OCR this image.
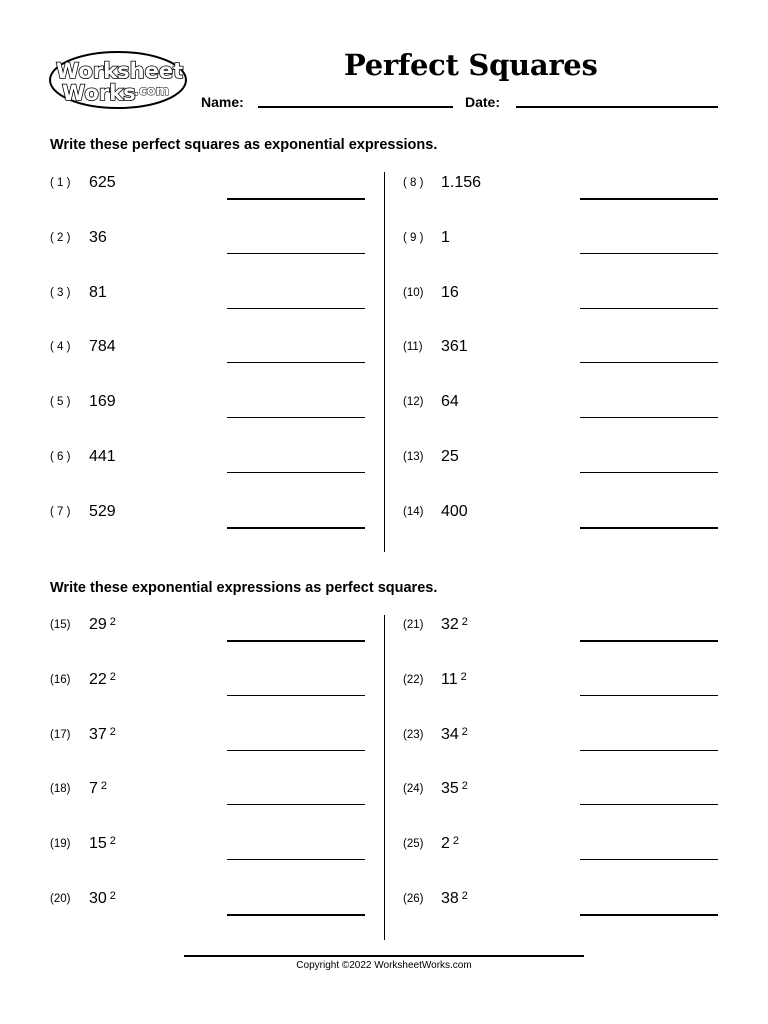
Worksheet
Works
.com
Perfect Squares
Name:	Date:
Write these perfect squares as exponential expressions.
( 1 ) 625
( 2 ) 36
( 3 ) 81
( 4 ) 784
( 5 ) 169
( 6 ) 441
( 7 ) 529
( 8 ) 1.156
( 9 ) 1
(10) 16
(11) 361
(12) 64
(13) 25
(14) 400
Write these exponential expressions as perfect squares.
(15) 29 $^2$
(16) 22 $^2$
(17) 37 $^2$
(18) 7 $^2$
(19) 15 $^2$
(20) 30 $^2$
(21) 32 $^2$
(22) 11 $^2$
(23) 34 $^2$
(24) 35 $^2$
(25) 2 $^2$
(26) 38 $^2$
Copyright ©2022 WorksheetWorks.com
